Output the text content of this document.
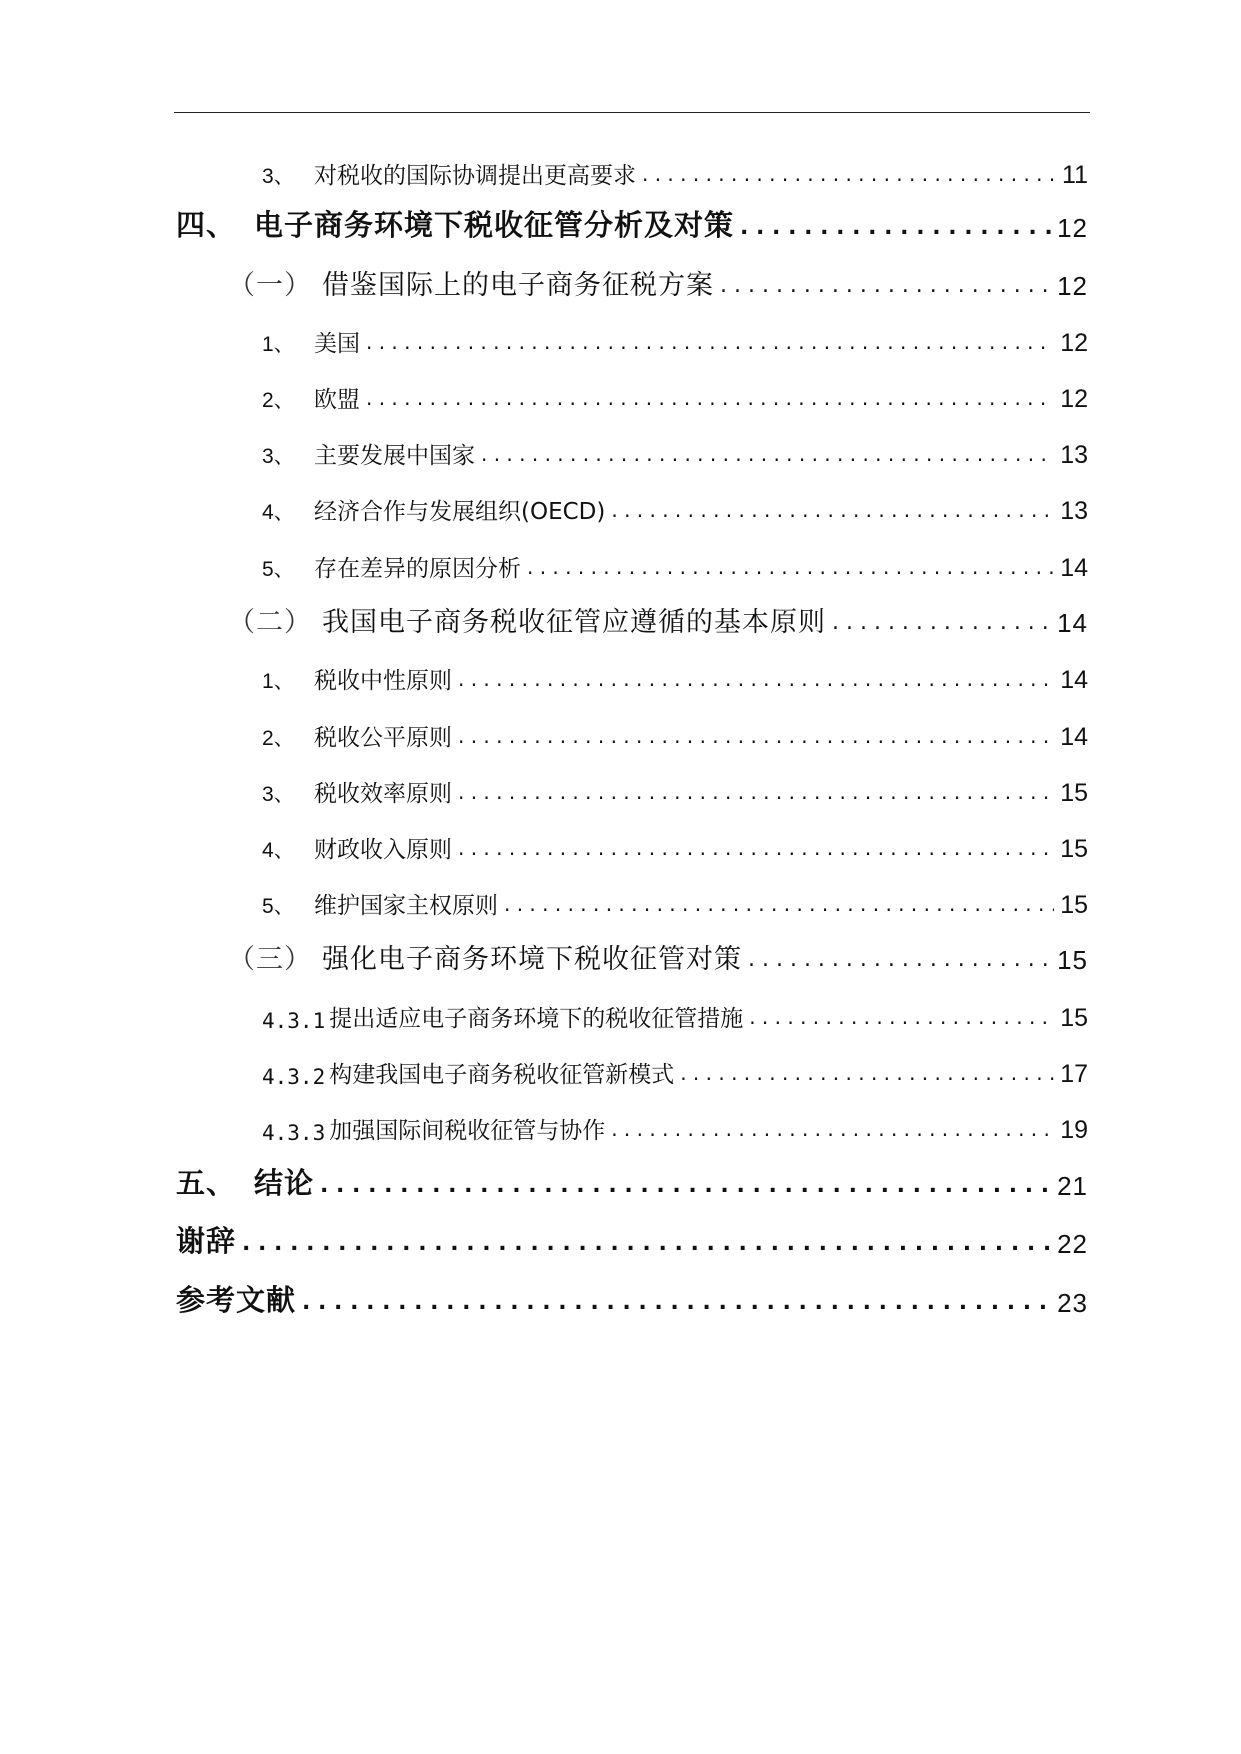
3、 对税收的国际协调提出更高要求 . . .	11
四、 电子商务环境下税收征管分析及对策 . . .	12
（一） 借鉴国际上的电子商务征税方案 . . .	12
1、 美国 . . .	12
2、 欧盟 . . .	12
3、 主要发展中国家 . . .	13
4、 经济合作与发展组织(OECD) . . .	13
5、 存在差异的原因分析 . . .	14
（二） 我国电子商务税收征管应遵循的基本原则 . . .	14
1、 税收中性原则 . . .	14
2、 税收公平原则 . . .	14
3、 税收效率原则 . . .	15
4、 财政收入原则 . . .	15
5、 维护国家主权原则 . . .	15
（三） 强化电子商务环境下税收征管对策 . . .	15
4.3.1 提出适应电子商务环境下的税收征管措施 . . .	15
4.3.2 构建我国电子商务税收征管新模式 . . .	17
4.3.3 加强国际间税收征管与协作 . . .	19
五、 结论 . . .	21
谢辞 . . .	22
参考文献 . . .	23
